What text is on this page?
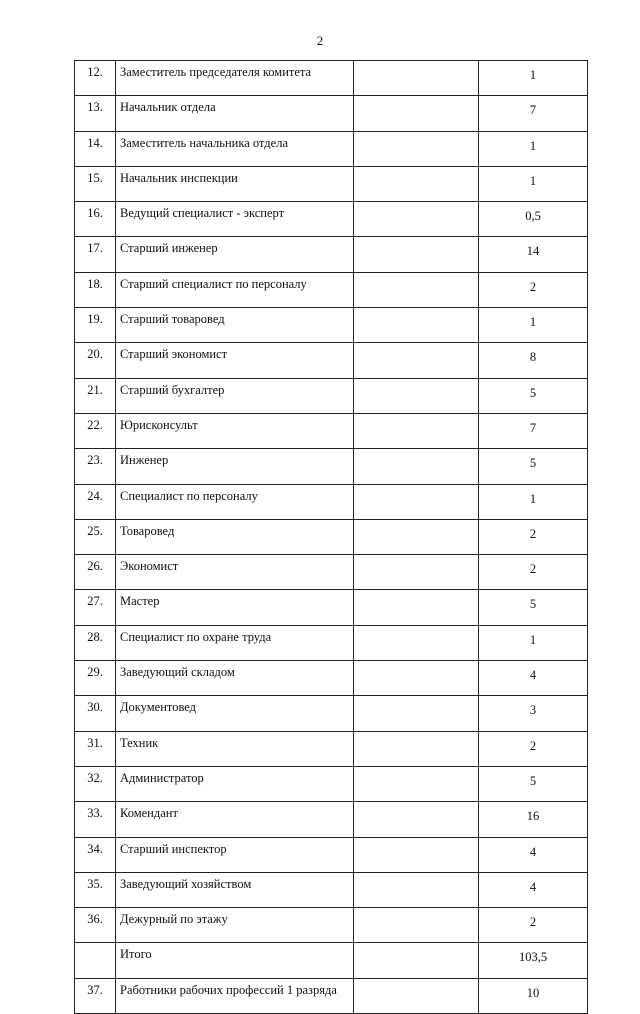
2
12.	Заместитель председателя комитета		1
13.	Начальник отдела		7
14.	Заместитель начальника отдела		1
15.	Начальник инспекции		1
16.	Ведущий специалист - эксперт		0,5
17.	Старший инженер		14
18.	Старший специалист по персоналу		2
19.	Старший товаровед		1
20.	Старший экономист		8
21.	Старший бухгалтер		5
22.	Юрисконсульт		7
23.	Инженер		5
24.	Специалист по персоналу		1
25.	Товаровед		2
26.	Экономист		2
27.	Мастер		5
28.	Специалист по охране труда		1
29.	Заведующий складом		4
30.	Документовед		3
31.	Техник		2
32.	Администратор		5
33.	Комендант		16
34.	Старший инспектор		4
35.	Заведующий хозяйством		4
36.	Дежурный по этажу		2
	Итого		103,5
37.	Работники рабочих профессий 1 разряда		10
